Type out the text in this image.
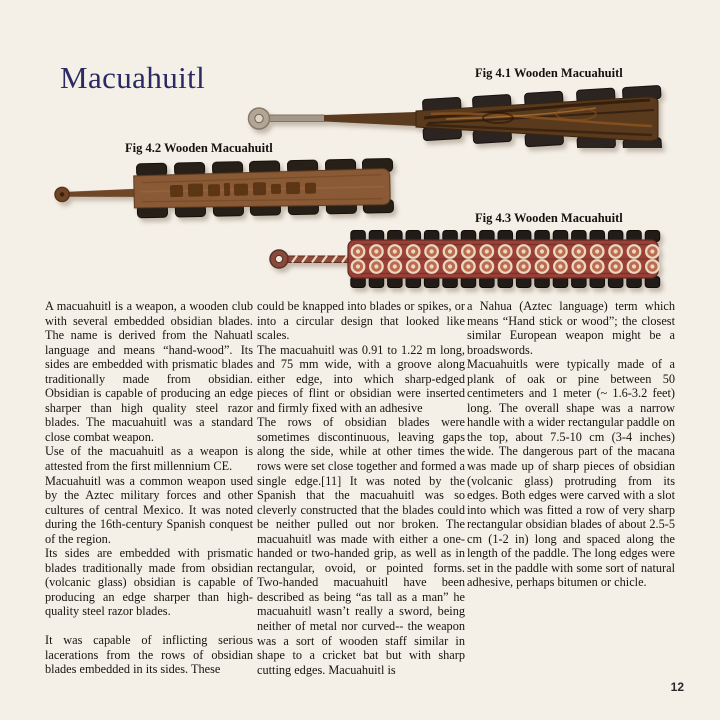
Macuahuitl	Fig 4.1 Wooden Macuahuitl
Fig 4.2 Wooden Macuahuitl
Fig 4.3 Wooden Macuahuitl

A macuahuitl is a weapon, a wooden club with several embedded obsidian blades. The name is derived from the Nahuatl language and means “hand-wood”. Its sides are embedded with prismatic blades traditionally made from obsidian. Obsidian is capable of producing an edge sharper than high quality steel razor blades. The macuahuitl was a standard close combat weapon.

Use of the macuahuitl as a weapon is attested from the first millennium CE.

Macuahuitl was a common weapon used by the Aztec military forces and other cultures of central Mexico. It was noted during the 16th-century Spanish conquest of the region.

Its sides are embedded with prismatic blades traditionally made from obsidian (volcanic glass) obsidian is capable of producing an edge sharper than high-quality steel razor blades.

It was capable of inflicting serious lacerations from the rows of obsidian blades embedded in its sides. These

could be knapped into blades or spikes, or into a circular design that looked like scales.

The macuahuitl was 0.91 to 1.22 m long, and 75 mm wide, with a groove along either edge, into which sharp-edged pieces of flint or obsidian were inserted and firmly fixed with an adhesive

The rows of obsidian blades were sometimes discontinuous, leaving gaps along the side, while at other times the rows were set close together and formed a single edge.[11] It was noted by the Spanish that the macuahuitl was so cleverly constructed that the blades could be neither pulled out nor broken. The macuahuitl was made with either a one-handed or two-handed grip, as well as in rectangular, ovoid, or pointed forms. Two-handed macuahuitl have been described as being “as tall as a man” he macuahuitl wasn’t really a sword, being neither of metal nor curved-- the weapon was a sort of wooden staff similar in shape to a cricket bat but with sharp cutting edges. Macuahuitl is

a Nahua (Aztec language) term which means “Hand stick or wood”; the closest similar European weapon might be a broadswords.

Macuahuitls were typically made of a plank of oak or pine between 50 centimeters and 1 meter (~ 1.6-3.2 feet) long. The overall shape was a narrow handle with a wider rectangular paddle on the top, about 7.5-10 cm (3-4 inches) wide. The dangerous part of the macana was made up of sharp pieces of obsidian (volcanic glass) protruding from its edges. Both edges were carved with a slot into which was fitted a row of very sharp rectangular obsidian blades of about 2.5-5 cm (1-2 in) long and spaced along the length of the paddle. The long edges were set in the paddle with some sort of natural adhesive, perhaps bitumen or chicle.

12
